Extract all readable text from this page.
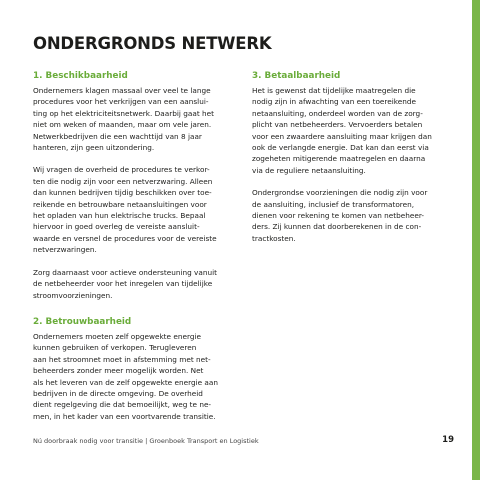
ONDERGRONDS NETWERK
1. Beschikbaarheid

Ondernemers klagen massaal over veel te lange
procedures voor het verkrijgen van een aanslui-
ting op het elektriciteitsnetwerk. Daarbij gaat het
niet om weken of maanden, maar om vele jaren.
Netwerkbedrijven die een wachttijd van 8 jaar
hanteren, zijn geen uitzondering.

Wij vragen de overheid de procedures te verkor-
ten die nodig zijn voor een netverzwaring. Alleen
dan kunnen bedrijven tijdig beschikken over toe-
reikende en betrouwbare netaansluitingen voor
het opladen van hun elektrische trucks. Bepaal
hiervoor in goed overleg de vereiste aansluit-
waarde en versnel de procedures voor de vereiste
netverzwaringen.

Zorg daarnaast voor actieve ondersteuning vanuit
de netbeheerder voor het inregelen van tijdelijke
stroomvoorzieningen.

2. Betrouwbaarheid

Ondernemers moeten zelf opgewekte energie
kunnen gebruiken of verkopen. Terugleveren
aan het stroomnet moet in afstemming met net-
beheerders zonder meer mogelijk worden. Net
als het leveren van de zelf opgewekte energie aan
bedrijven in de directe omgeving. De overheid
dient regelgeving die dat bemoeilijkt, weg te ne-
men, in het kader van een voortvarende transitie.

3. Betaalbaarheid

Het is gewenst dat tijdelijke maatregelen die
nodig zijn in afwachting van een toereikende
netaansluiting, onderdeel worden van de zorg-
plicht van netbeheerders. Vervoerders betalen
voor een zwaardere aansluiting maar krijgen dan
ook de verlangde energie. Dat kan dan eerst via
zogeheten mitigerende maatregelen en daarna
via de reguliere netaansluiting.

Ondergrondse voorzieningen die nodig zijn voor
de aansluiting, inclusief de transformatoren,
dienen voor rekening te komen van netbeheer-
ders. Zij kunnen dat doorberekenen in de con-
tractkosten.

Nú doorbraak nodig voor transitie | Groenboek Transport en Logistiek	19
